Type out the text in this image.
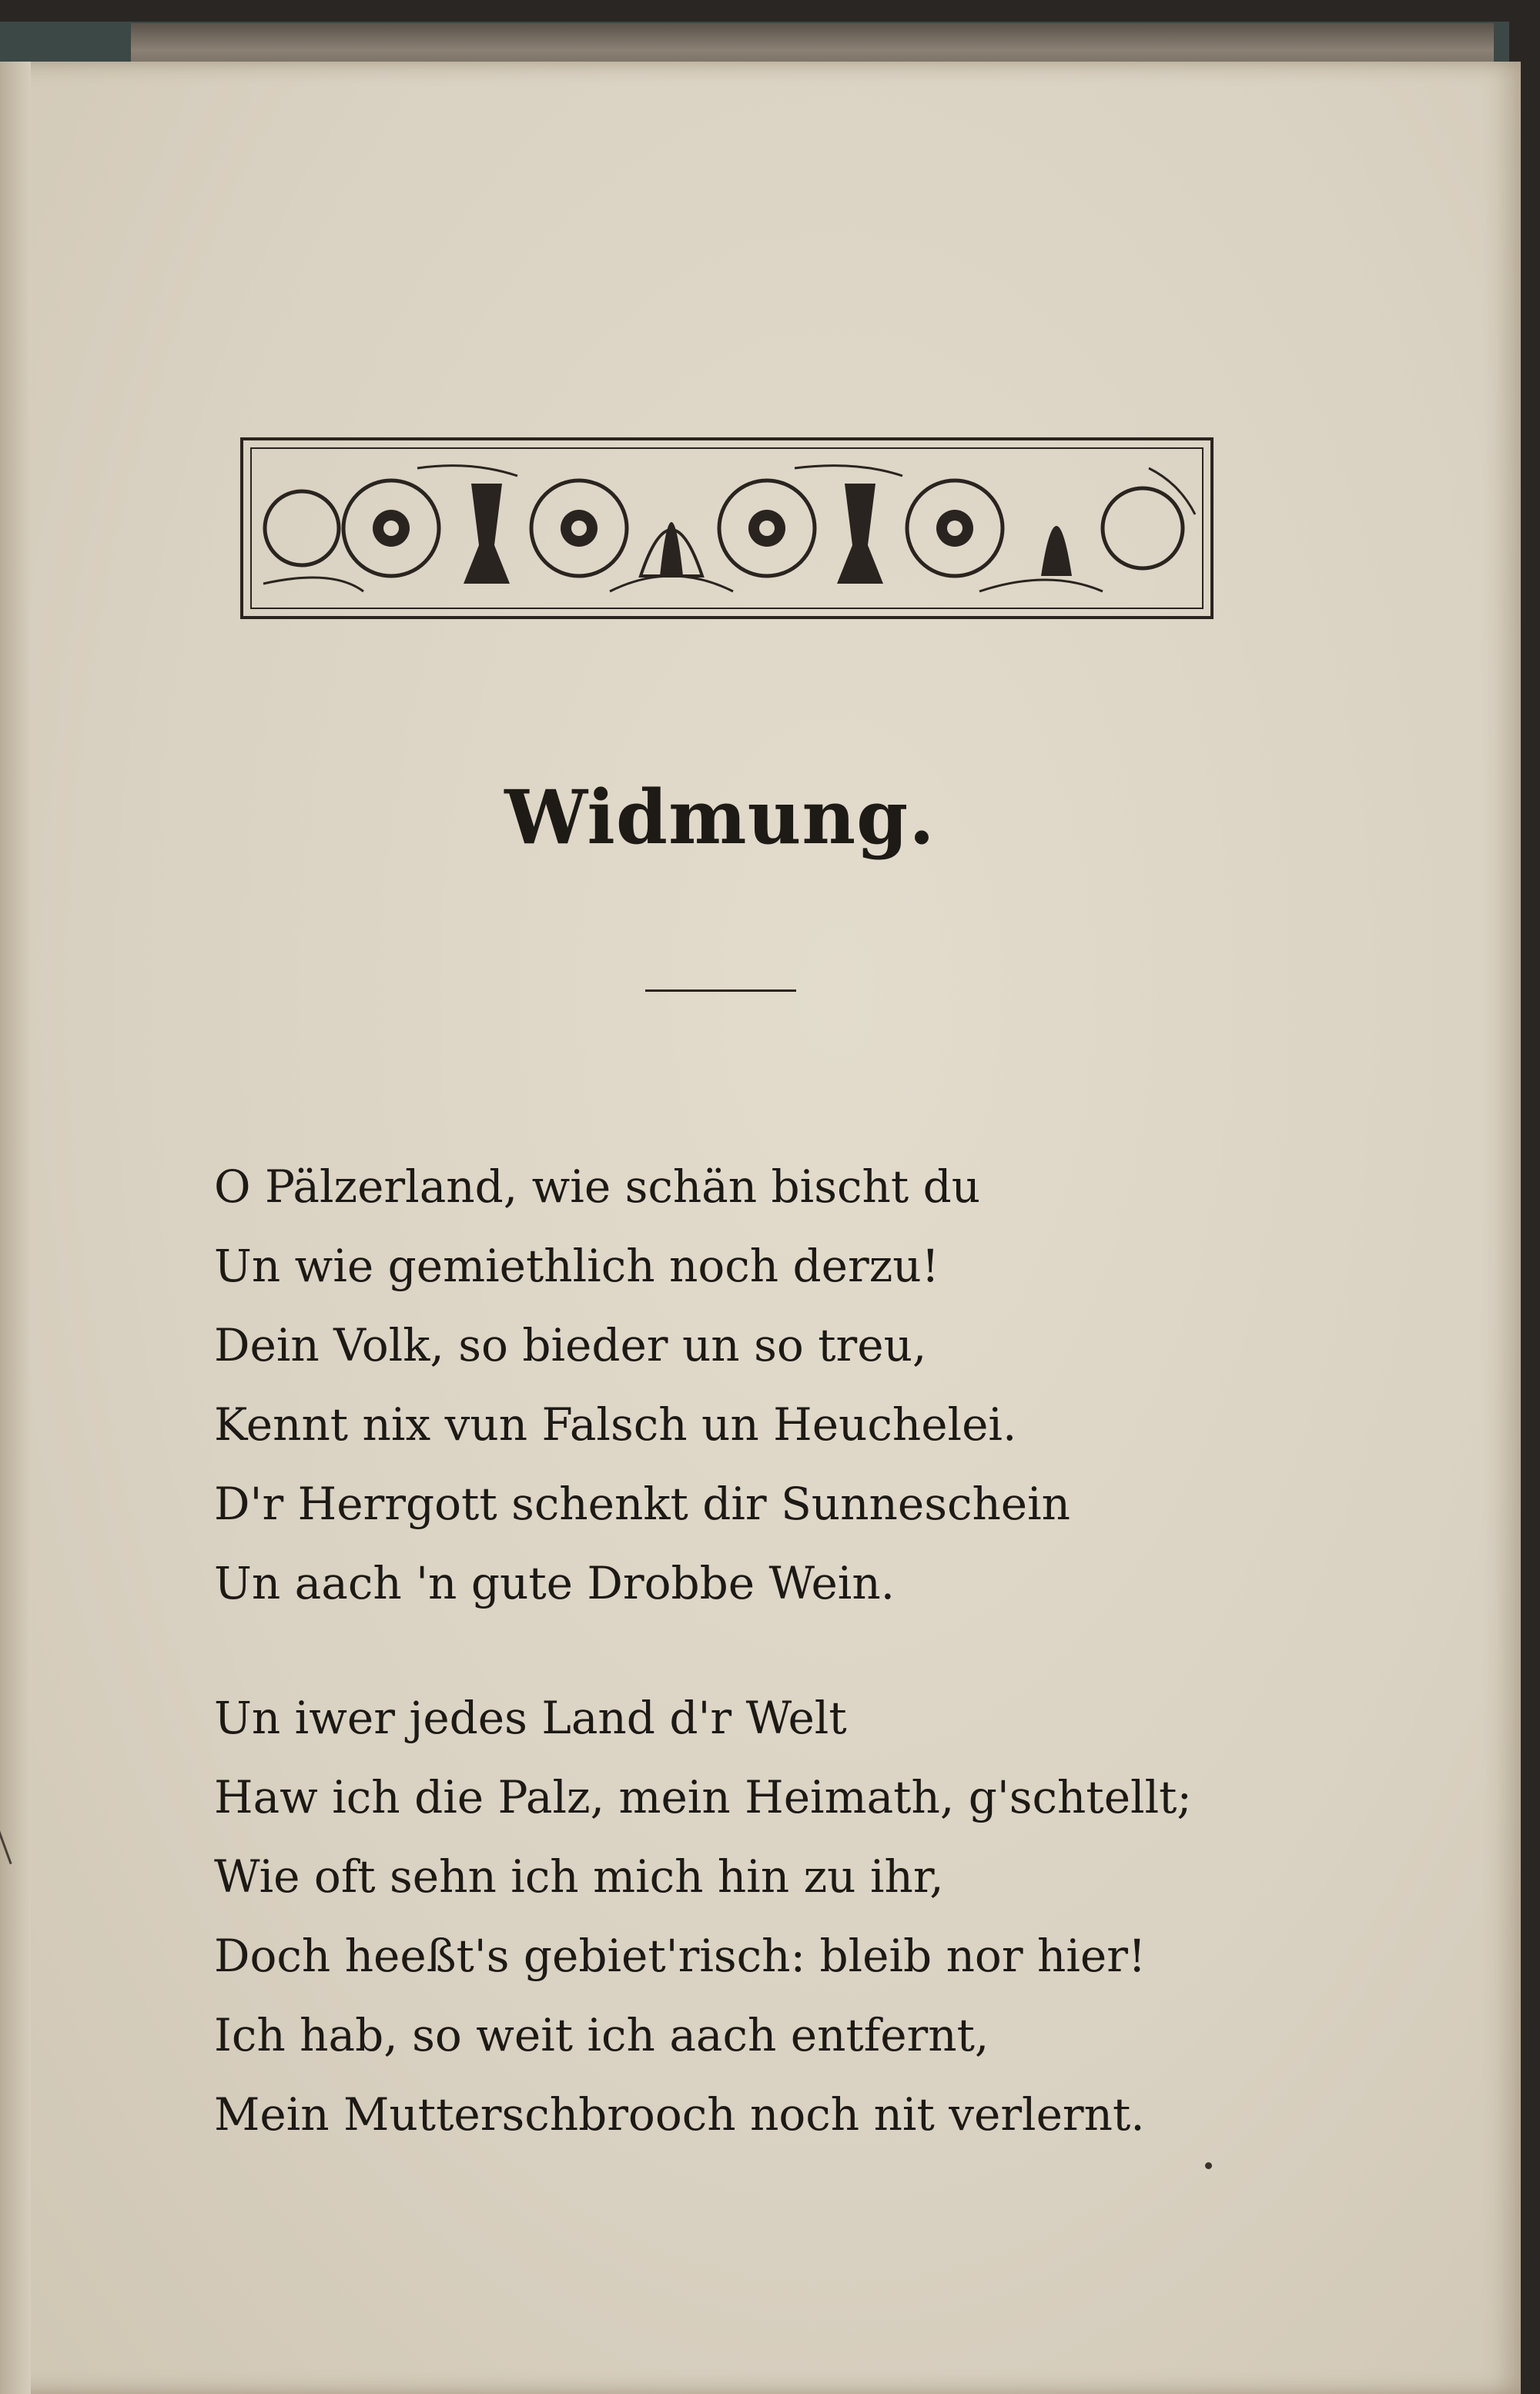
Widmung.
O Pälzerland, wie schän bischt du
Un wie gemiethlich noch derzu!
Dein Volk, so bieder un so treu,
Kennt nix vun Falsch un Heuchelei.
D'r Herrgott schenkt dir Sunneschein
Un aach 'n gute Drobbe Wein.
Un iwer jedes Land d'r Welt
Haw ich die Palz, mein Heimath, g'schtellt;
Wie oft sehn ich mich hin zu ihr,
Doch heeßt's gebiet'risch: bleib nor hier!
Ich hab, so weit ich aach entfernt,
Mein Mutterschbrooch noch nit verlernt.
